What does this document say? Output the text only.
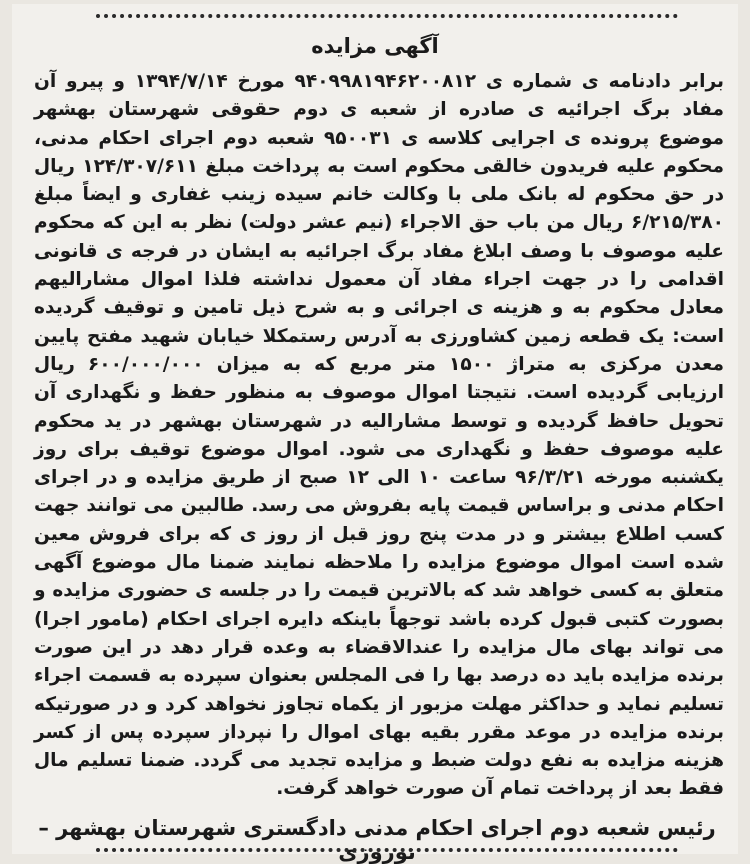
آگهی مزایده
برابر دادنامه ی شماره ی ۹۴۰۹۹۸۱۹۴۶۲۰۰۸۱۲ مورخ ۱۳۹۴/۷/۱۴ و پیرو آن مفاد برگ اجرائیه ی صادره از شعبه ی دوم حقوقی شهرستان بهشهر موضوع پرونده ی اجرایی کلاسه ی ۹۵۰۰۳۱ شعبه دوم اجرای احکام مدنی، محکوم علیه فریدون خالقی محکوم است به پرداخت مبلغ ۱۲۴/۳۰۷/۶۱۱ ریال در حق محکوم له بانک ملی با وکالت خانم سیده زینب غفاری و ایضاً مبلغ ۶/۲۱۵/۳۸۰ ریال من باب حق الاجراء (نیم عشر دولت) نظر به این که محکوم علیه موصوف با وصف ابلاغ مفاد برگ اجرائیه به ایشان در فرجه ی قانونی اقدامی را در جهت اجراء مفاد آن معمول نداشته فلذا اموال مشارالیهم معادل محکوم به و هزینه ی اجرائی و به شرح ذیل تامین و توقیف گردیده است: یک قطعه زمین کشاورزی به آدرس رستمکلا خیابان شهید مفتح پایین معدن مرکزی به متراژ ۱۵۰۰ متر مربع که به میزان ۶۰۰/۰۰۰/۰۰۰ ریال ارزیابی گردیده است. نتیجتا اموال موصوف به منظور حفظ و نگهداری آن تحویل حافظ گردیده و توسط مشارالیه در شهرستان بهشهر در ید محکوم علیه موصوف حفظ و نگهداری می شود. اموال موضوع توقیف برای روز یکشنبه مورخه ۹۶/۳/۲۱ ساعت ۱۰ الی ۱۲ صبح از طریق مزایده و در اجرای احکام مدنی و براساس قیمت پایه بفروش می رسد. طالبین می توانند جهت کسب اطلاع بیشتر و در مدت پنج روز قبل از روز ی که برای فروش معین شده است اموال موضوع مزایده را ملاحظه نمایند ضمنا مال موضوع آگهی متعلق به کسی خواهد شد که بالاترین قیمت را در جلسه ی حضوری مزایده و بصورت کتبی قبول کرده باشد توجهاً باینکه دایره اجرای احکام (مامور اجرا) می تواند بهای مال مزایده را عندالاقضاء به وعده قرار دهد در این صورت برنده مزایده باید ده درصد بها را فی المجلس بعنوان سپرده به قسمت اجراء تسلیم نماید و حداکثر مهلت مزبور از یکماه تجاوز نخواهد کرد و در صورتیکه برنده مزایده در موعد مقرر بقیه بهای اموال را نپرداز سپرده پس از کسر هزینه مزایده به نفع دولت ضبط و مزایده تجدید می گردد. ضمنا تسلیم مال فقط بعد از پرداخت تمام آن صورت خواهد گرفت.
رئیس شعبه دوم اجرای احکام مدنی دادگستری شهرستان بهشهر – نوروزی
